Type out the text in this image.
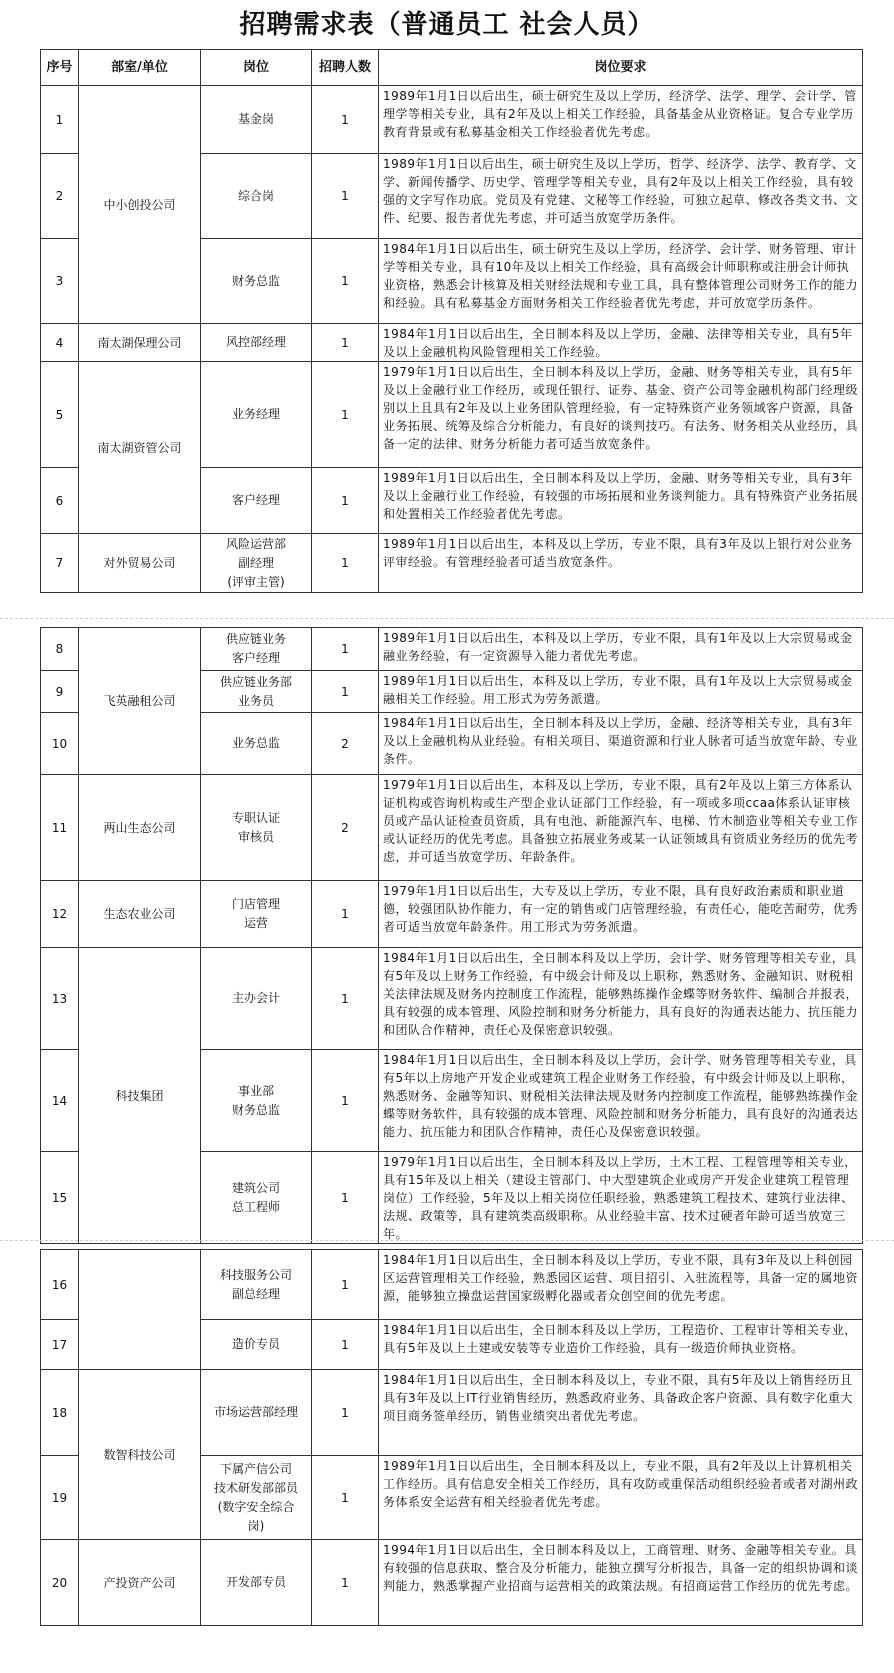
招聘需求表（普通员工 社会人员）
序号	部室/单位	岗位	招聘人数	岗位要求
1	中小创投公司	基金岗	1	1989年1月1日以后出生，硕士研究生及以上学历，经济学、法学、理学、会计学、管理学等相关专业，具有2年及以上相关工作经验，具备基金从业资格证。复合专业学历教育背景或有私募基金相关工作经验者优先考虑。
2		综合岗	1	1989年1月1日以后出生，硕士研究生及以上学历，哲学、经济学、法学、教育学、文学、新闻传播学、历史学、管理学等相关专业，具有2年及以上相关工作经验，具有较强的文字写作功底。党员及有党建、文秘等工作经验，可独立起草、修改各类文书、文件、纪要、报告者优先考虑，并可适当放宽学历条件。
3		财务总监	1	1984年1月1日以后出生，硕士研究生及以上学历，经济学、会计学、财务管理、审计学等相关专业，具有10年及以上相关工作经验，具有高级会计师职称或注册会计师执业资格，熟悉会计核算及相关财经法规和专业工具，具有整体管理公司财务工作的能力和经验。具有私募基金方面财务相关工作经验者优先考虑，并可放宽学历条件。
4	南太湖保理公司	风控部经理	1	1984年1月1日以后出生，全日制本科及以上学历，金融、法律等相关专业，具有5年及以上金融机构风险管理相关工作经验。
5	南太湖资管公司	业务经理	1	1979年1月1日以后出生，全日制本科及以上学历，金融、财务等相关专业，具有5年及以上金融行业工作经历，或现任银行、证券、基金、资产公司等金融机构部门经理级别以上且具有2年及以上业务团队管理经验，有一定特殊资产业务领域客户资源，具备业务拓展、统筹及综合分析能力，有良好的谈判技巧。有法务、财务相关从业经历，具备一定的法律、财务分析能力者可适当放宽条件。
6		客户经理	1	1989年1月1日以后出生，全日制本科及以上学历，金融、财务等相关专业，具有3年及以上金融行业工作经验，有较强的市场拓展和业务谈判能力。具有特殊资产业务拓展和处置相关工作经验者优先考虑。
7	对外贸易公司	风险运营部
副经理
(评审主管)	1	1989年1月1日以后出生，本科及以上学历，专业不限，具有3年及以上银行对公业务评审经验。有管理经验者可适当放宽条件。
8	飞英融租公司	供应链业务
客户经理	1	1989年1月1日以后出生，本科及以上学历，专业不限，具有1年及以上大宗贸易或金融业务经验，有一定资源导入能力者优先考虑。
9		供应链业务部
业务员	1	1989年1月1日以后出生，本科及以上学历，专业不限，具有1年及以上大宗贸易或金融相关工作经验。用工形式为劳务派遣。
10		业务总监	2	1984年1月1日以后出生，全日制本科及以上学历，金融、经济等相关专业，具有3年及以上金融机构从业经验。有相关项目、渠道资源和行业人脉者可适当放宽年龄、专业条件。
11	两山生态公司	专职认证
审核员	2	1979年1月1日以后出生，本科及以上学历，专业不限，具有2年及以上第三方体系认证机构或咨询机构或生产型企业认证部门工作经验，有一项或多项ccaa体系认证审核员或产品认证检查员资质，具有电池、新能源汽车、电梯、竹木制造业等相关专业工作或认证经历的优先考虑。具备独立拓展业务或某一认证领域具有资质业务经历的优先考虑，并可适当放宽学历、年龄条件。
12	生态农业公司	门店管理
运营	1	1979年1月1日以后出生，大专及以上学历，专业不限，具有良好政治素质和职业道德，较强团队协作能力，有一定的销售或门店管理经验，有责任心，能吃苦耐劳，优秀者可适当放宽年龄条件。用工形式为劳务派遣。
13	科技集团	主办会计	1	1984年1月1日以后出生，全日制本科及以上学历，会计学、财务管理等相关专业，具有5年及以上财务工作经验，有中级会计师及以上职称，熟悉财务、金融知识、财税相关法律法规及财务内控制度工作流程，能够熟练操作金蝶等财务软件、编制合并报表，具有较强的成本管理、风险控制和财务分析能力，具有良好的沟通表达能力、抗压能力和团队合作精神，责任心及保密意识较强。
14		事业部
财务总监	1	1984年1月1日以后出生，全日制本科及以上学历，会计学、财务管理等相关专业，具有5年以上房地产开发企业或建筑工程企业财务工作经验，有中级会计师及以上职称，熟悉财务、金融等知识、财税相关法律法规及财务内控制度工作流程，能够熟练操作金蝶等财务软件，具有较强的成本管理、风险控制和财务分析能力，具有良好的沟通表达能力、抗压能力和团队合作精神，责任心及保密意识较强。
15		建筑公司
总工程师	1	1979年1月1日以后出生，全日制本科及以上学历，土木工程、工程管理等相关专业，具有15年及以上相关（建设主管部门、中大型建筑企业或房产开发企业建筑工程管理岗位）工作经验，5年及以上相关岗位任职经验，熟悉建筑工程技术、建筑行业法律、法规、政策等，具有建筑类高级职称。从业经验丰富、技术过硬者年龄可适当放宽三年。
16		科技服务公司
副总经理	1	1984年1月1日以后出生，全日制本科及以上学历，专业不限，具有3年及以上科创园区运营管理相关工作经验，熟悉园区运营、项目招引、入驻流程等，具备一定的属地资源，能够独立操盘运营国家级孵化器或者众创空间的优先考虑。
17		造价专员	1	1984年1月1日以后出生，全日制本科及以上学历，工程造价、工程审计等相关专业，具有5年及以上土建或安装等专业造价工作经验，具有一级造价师执业资格。
18	数智科技公司	市场运营部经理	1	1984年1月1日以后出生，全日制本科及以上，专业不限，具有5年及以上销售经历且具有3年及以上IT行业销售经历，熟悉政府业务、具备政企客户资源、具有数字化重大项目商务签单经历，销售业绩突出者优先考虑。
19		下属产信公司
技术研发部部员
(数字安全综合
岗)	1	1989年1月1日以后出生，全日制本科及以上，专业不限，具有2年及以上计算机相关工作经历。具有信息安全相关工作经历，具有攻防或重保活动组织经验者或者对湖州政务体系安全运营有相关经验者优先考虑。
20	产投资产公司	开发部专员	1	1994年1月1日以后出生，全日制本科及以上，工商管理、财务、金融等相关专业。具有较强的信息获取、整合及分析能力，能独立撰写分析报告，具备一定的组织协调和谈判能力，熟悉掌握产业招商与运营相关的政策法规。有招商运营工作经历的优先考虑。
